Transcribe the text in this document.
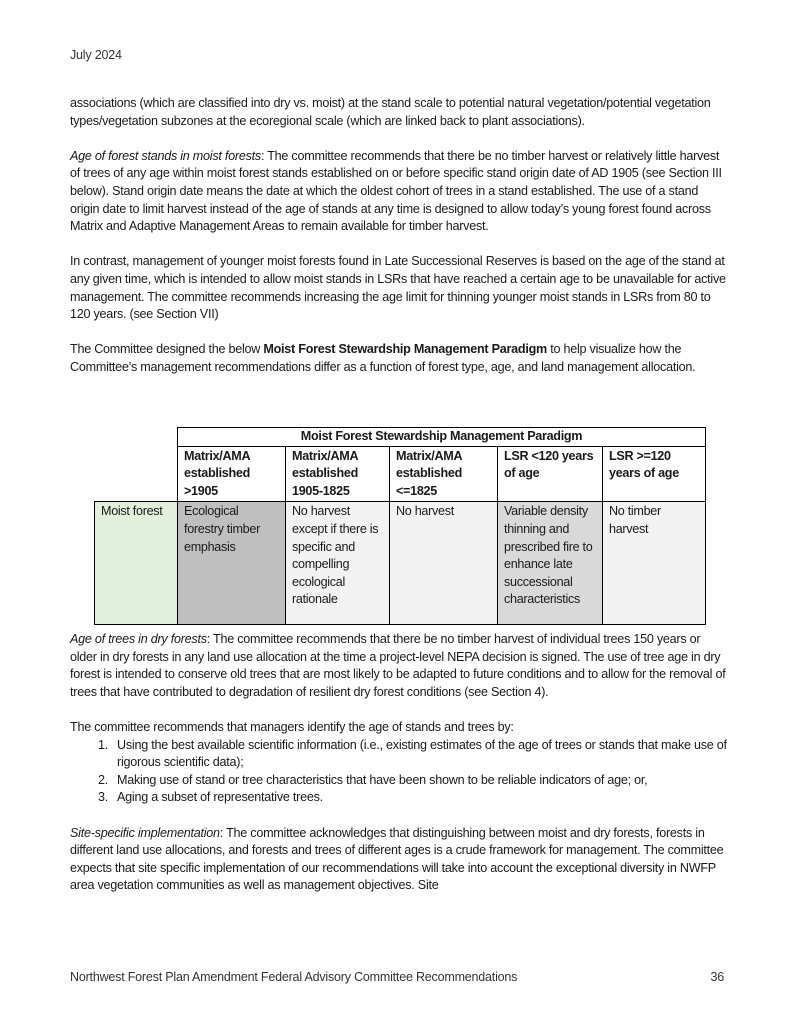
July 2024

associations (which are classified into dry vs. moist) at the stand scale to potential natural vegetation/potential vegetation types/vegetation subzones at the ecoregional scale (which are linked back to plant associations).

Age of forest stands in moist forests: The committee recommends that there be no timber harvest or relatively little harvest of trees of any age within moist forest stands established on or before specific stand origin date of AD 1905 (see Section III below). Stand origin date means the date at which the oldest cohort of trees in a stand established. The use of a stand origin date to limit harvest instead of the age of stands at any time is designed to allow today’s young forest found across Matrix and Adaptive Management Areas to remain available for timber harvest.

In contrast, management of younger moist forests found in Late Successional Reserves is based on the age of the stand at any given time, which is intended to allow moist stands in LSRs that have reached a certain age to be unavailable for active management. The committee recommends increasing the age limit for thinning younger moist stands in LSRs from 80 to 120 years. (see Section VII)

The Committee designed the below Moist Forest Stewardship Management Paradigm to help visualize how the Committee’s management recommendations differ as a function of forest type, age, and land management allocation.

	Moist Forest Stewardship Management Paradigm				
	Matrix/AMA established >1905	Matrix/AMA established 1905-1825	Matrix/AMA established <=1825	LSR <120 years of age	LSR >=120 years of age
Moist forest	Ecological forestry timber emphasis	No harvest except if there is specific and compelling ecological rationale	No harvest	Variable density thinning and prescribed fire to enhance late successional characteristics	No timber harvest

Age of trees in dry forests: The committee recommends that there be no timber harvest of individual trees 150 years or older in dry forests in any land use allocation at the time a project-level NEPA decision is signed. The use of tree age in dry forest is intended to conserve old trees that are most likely to be adapted to future conditions and to allow for the removal of trees that have contributed to degradation of resilient dry forest conditions (see Section 4).

The committee recommends that managers identify the age of stands and trees by:
1. Using the best available scientific information (i.e., existing estimates of the age of trees or stands that make use of rigorous scientific data);
2. Making use of stand or tree characteristics that have been shown to be reliable indicators of age; or,
3. Aging a subset of representative trees.

Site-specific implementation: The committee acknowledges that distinguishing between moist and dry forests, forests in different land use allocations, and forests and trees of different ages is a crude framework for management. The committee expects that site specific implementation of our recommendations will take into account the exceptional diversity in NWFP area vegetation communities as well as management objectives. Site

Northwest Forest Plan Amendment Federal Advisory Committee Recommendations	36
